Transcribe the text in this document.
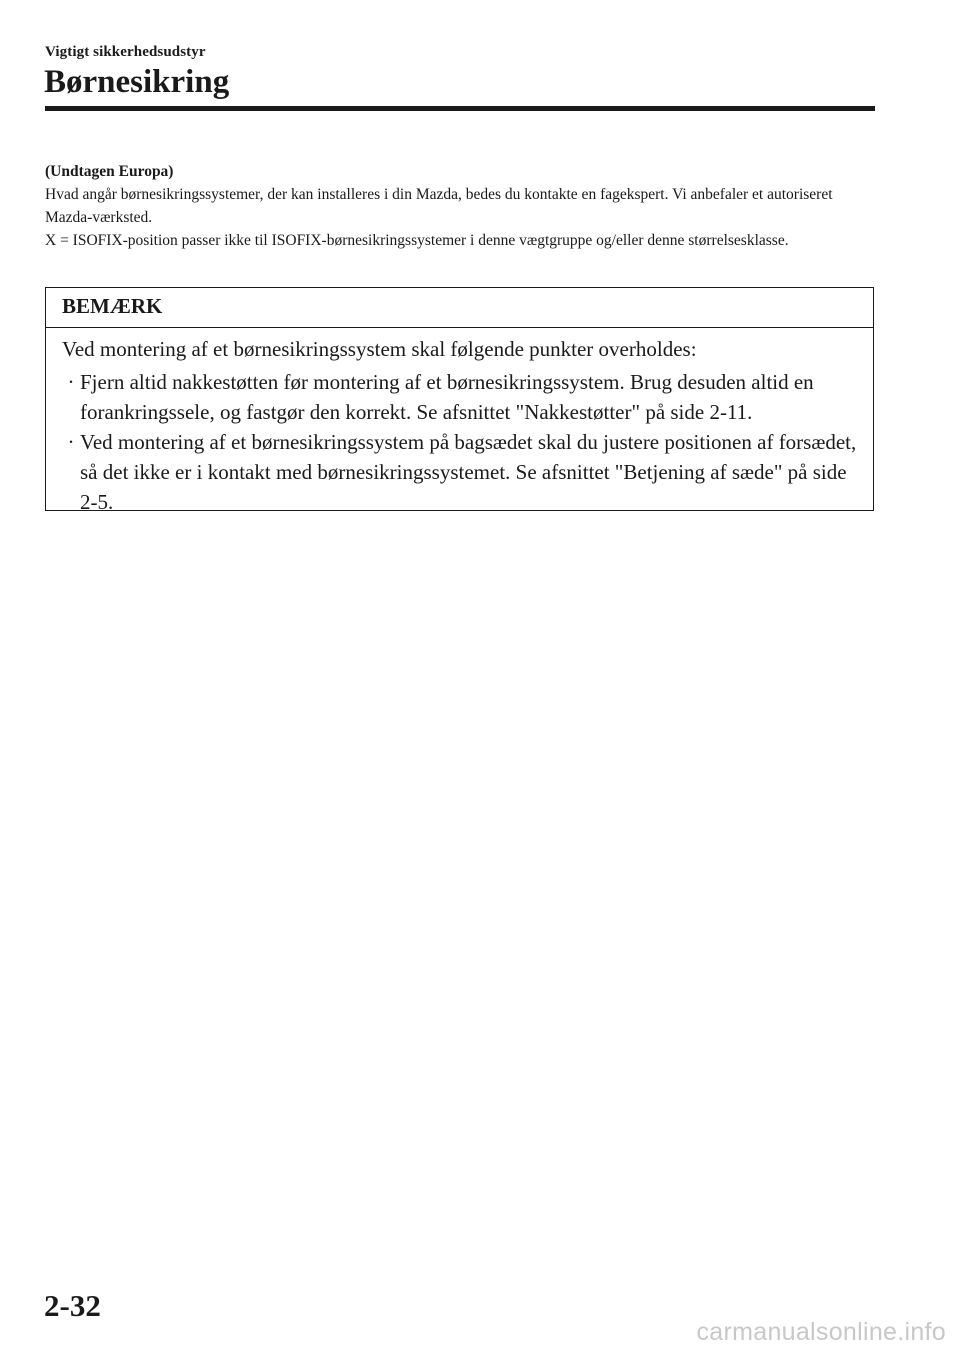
Vigtigt sikkerhedsudstyr
Børnesikring

(Undtagen Europa)

Hvad angår børnesikringssystemer, der kan installeres i din Mazda, bedes du kontakte en fagekspert. Vi anbefaler et autoriseret Mazda-værksted.

X = ISOFIX-position passer ikke til ISOFIX-børnesikringssystemer i denne vægtgruppe og/eller denne størrelsesklasse.

BEMÆRK

Ved montering af et børnesikringssystem skal følgende punkter overholdes:

· Fjern altid nakkestøtten før montering af et børnesikringssystem. Brug desuden altid en forankringssele, og fastgør den korrekt. Se afsnittet "Nakkestøtter" på side 2-11.
· Ved montering af et børnesikringssystem på bagsædet skal du justere positionen af forsædet, så det ikke er i kontakt med børnesikringssystemet. Se afsnittet "Betjening af sæde" på side 2-5.
2-32
carmanualsonline.info
